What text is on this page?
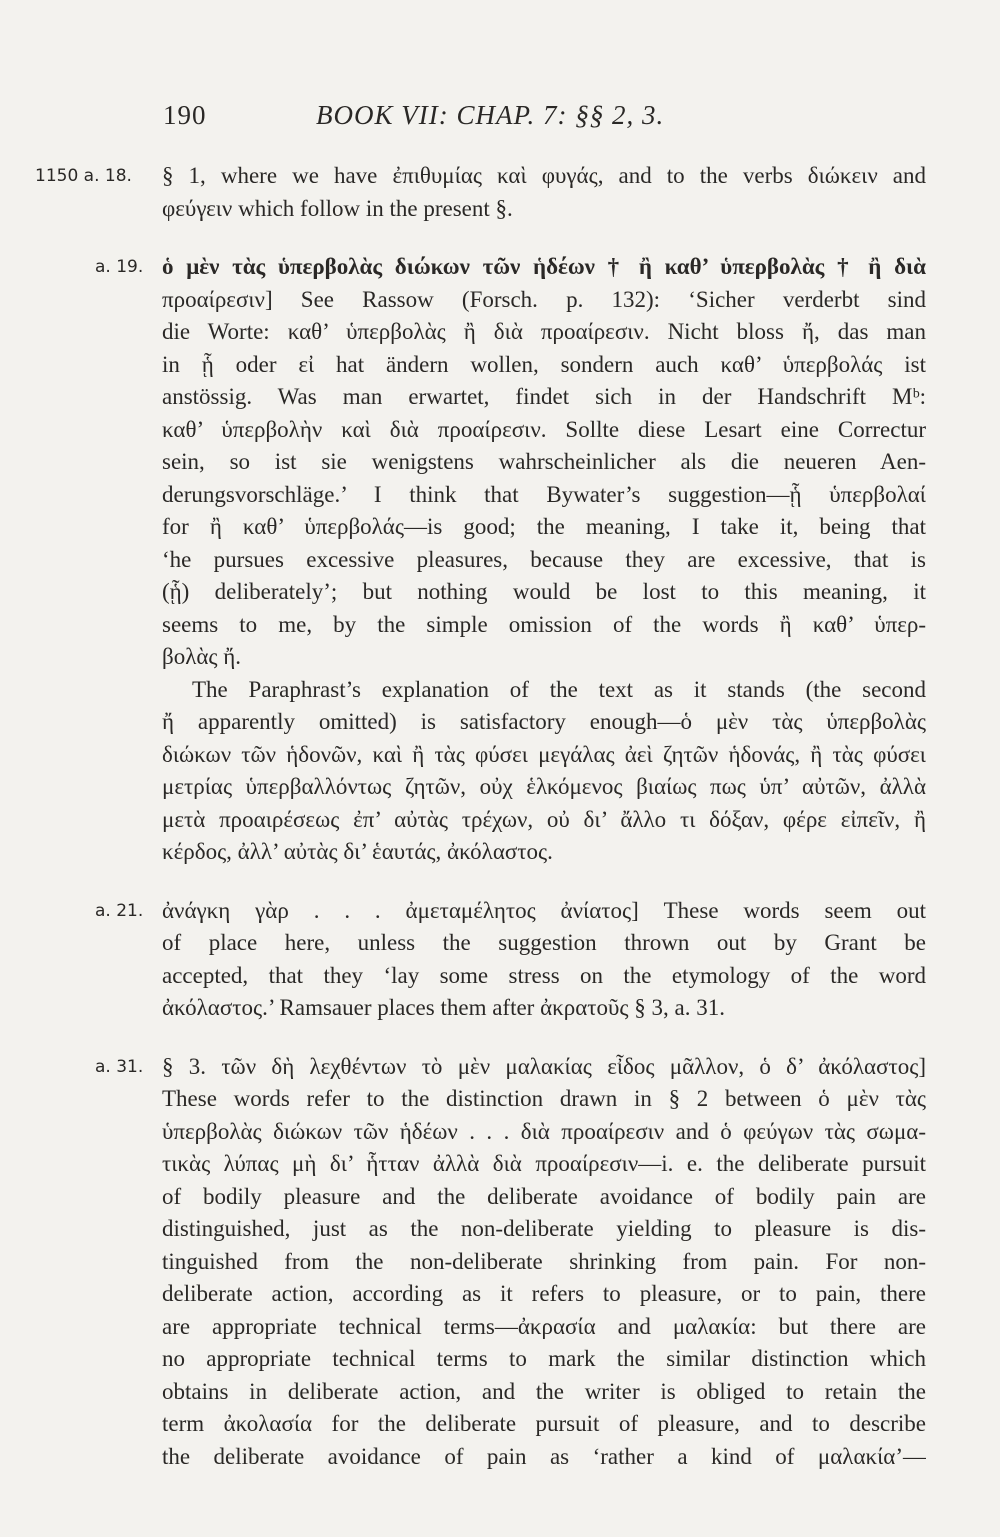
190	BOOK VII: CHAP. 7: §§ 2, 3.
1150 a. 18. § 1, where we have ἐπιθυμίας καὶ φυγάς, and to the verbs διώκειν and
φεύγειν which follow in the present §.
a. 19. ὁ μὲν τὰς ὑπερβολὰς διώκων τῶν ἡδέων † ἢ καθ’ ὑπερβολὰς † ἢ διὰ
προαίρεσιν] See Rassow (Forsch. p. 132): ‘Sicher verderbt sind
die Worte: καθ’ ὑπερβολὰς ἢ διὰ προαίρεσιν. Nicht bloss ἤ, das man
in ᾗ oder εἰ hat ändern wollen, sondern auch καθ’ ὑπερβολάς ist
anstössig. Was man erwartet, findet sich in der Handschrift Mᵇ:
καθ’ ὑπερβολὴν καὶ διὰ προαίρεσιν. Sollte diese Lesart eine Correctur
sein, so ist sie wenigstens wahrscheinlicher als die neueren Aen-
derungsvorschläge.’ I think that Bywater’s suggestion—ᾗ ὑπερβολαί
for ἢ καθ’ ὑπερβολάς—is good; the meaning, I take it, being that
‘he pursues excessive pleasures, because they are excessive, that is
(ᾗ) deliberately’; but nothing would be lost to this meaning, it
seems to me, by the simple omission of the words ἢ καθ’ ὑπερ-
βολὰς ἤ.
The Paraphrast’s explanation of the text as it stands (the second
ἤ apparently omitted) is satisfactory enough—ὁ μὲν τὰς ὑπερβολὰς
διώκων τῶν ἡδονῶν, καὶ ἢ τὰς φύσει μεγάλας ἀεὶ ζητῶν ἡδονάς, ἢ τὰς φύσει
μετρίας ὑπερβαλλόντως ζητῶν, οὐχ ἑλκόμενος βιαίως πως ὑπ’ αὐτῶν, ἀλλὰ
μετὰ προαιρέσεως ἐπ’ αὐτὰς τρέχων, οὐ δι’ ἄλλο τι δόξαν, φέρε εἰπεῖν, ἢ
κέρδος, ἀλλ’ αὐτὰς δι’ ἑαυτάς, ἀκόλαστος.
a. 21. ἀνάγκη γὰρ . . . ἀμεταμέλητος ἀνίατος] These words seem out
of place here, unless the suggestion thrown out by Grant be
accepted, that they ‘lay some stress on the etymology of the word
ἀκόλαστος.’ Ramsauer places them after ἀκρατοῦς § 3, a. 31.
a. 31. § 3. τῶν δὴ λεχθέντων τὸ μὲν μαλακίας εἶδος μᾶλλον, ὁ δ’ ἀκόλαστος]
These words refer to the distinction drawn in § 2 between ὁ μὲν τὰς
ὑπερβολὰς διώκων τῶν ἡδέων . . . διὰ προαίρεσιν and ὁ φεύγων τὰς σωμα-
τικὰς λύπας μὴ δι’ ἧτταν ἀλλὰ διὰ προαίρεσιν—i. e. the deliberate pursuit
of bodily pleasure and the deliberate avoidance of bodily pain are
distinguished, just as the non-deliberate yielding to pleasure is dis-
tinguished from the non-deliberate shrinking from pain. For non-
deliberate action, according as it refers to pleasure, or to pain, there
are appropriate technical terms—ἀκρασία and μαλακία: but there are
no appropriate technical terms to mark the similar distinction which
obtains in deliberate action, and the writer is obliged to retain the
term ἀκολασία for the deliberate pursuit of pleasure, and to describe
the deliberate avoidance of pain as ‘rather a kind of μαλακία’—
